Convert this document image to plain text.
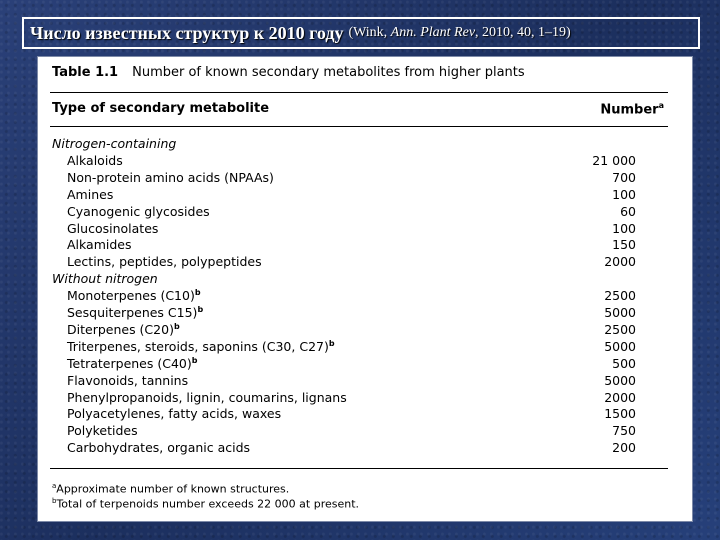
Число известных структур к 2010 году (Wink, Ann. Plant Rev, 2010, 40, 1–19)
Table 1.1 Number of known secondary metabolites from higher plants
Type of secondary metabolite	Number$^a$
Nitrogen-containing
Alkaloids	21 000
Non-protein amino acids (NPAAs)	700
Amines	100
Cyanogenic glycosides	60
Glucosinolates	100
Alkamides	150
Lectins, peptides, polypeptides	2000
Without nitrogen
Monoterpenes $(C10)^b$	2500
Sesquiterpenes C15)$^b$	5000
Diterpenes $(C20)^b$	2500
Triterpenes, steroids, saponins (C30, C27)$^b$	5000
Tetraterpenes $(C40)^b$	500
Flavonoids, tannins	5000
Phenylpropanoids, lignin, coumarins, lignans	2000
Polyacetylenes, fatty acids, waxes	1500
Polyketides	750
Carbohydrates, organic acids	200
$^a$Approximate number of known structures.
$^b$Total of terpenoids number exceeds 22 000 at present.
